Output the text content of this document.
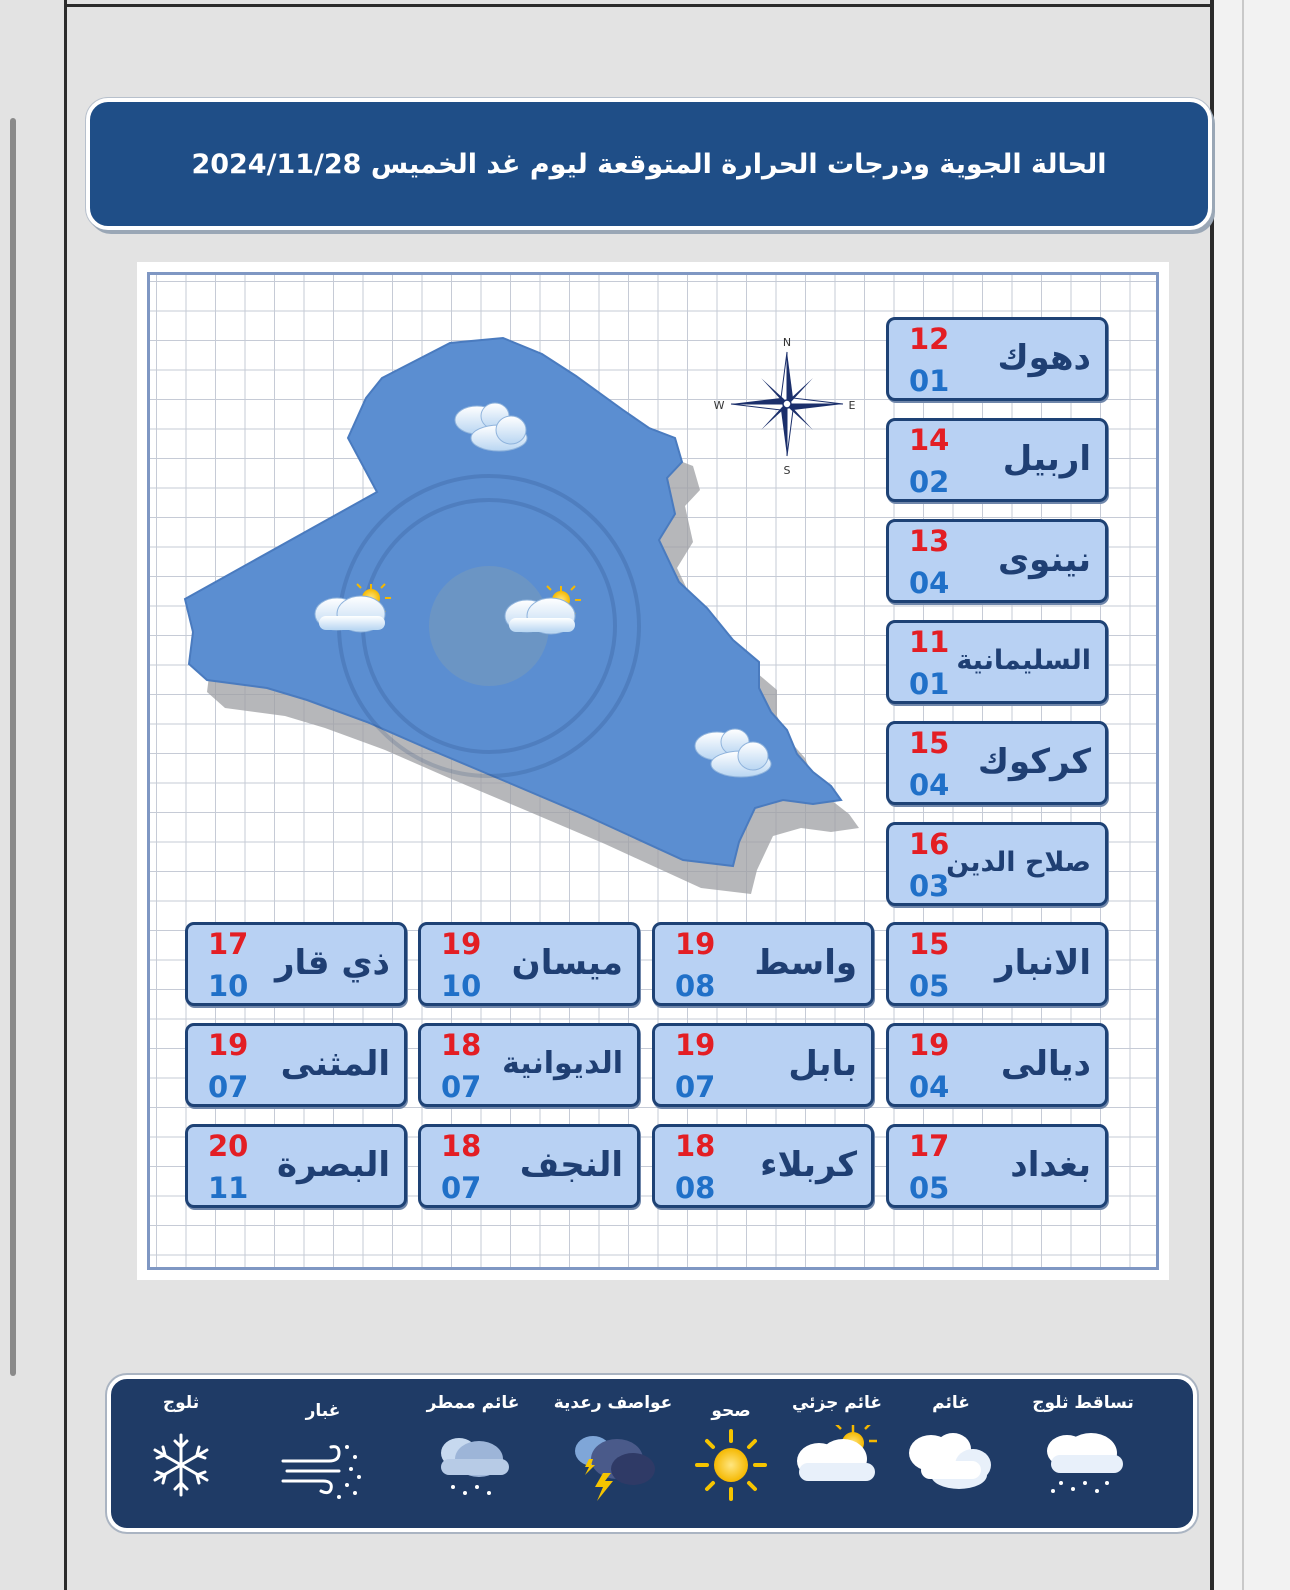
الحالة الجوية ودرجات الحرارة المتوقعة ليوم غد الخميس 2024/11/28
N
S
E
W
12
01
دهوك
14
02
اربيل
13
04
نينوى
11
01
السليمانية
15
04
كركوك
16
03
صلاح الدين
15
05
الانبار
19
08
واسط
19
10
ميسان
17
10
ذي قار
19
04
ديالى
19
07
بابل
18
07
الديوانية
19
07
المثنى
17
05
بغداد
18
08
كربلاء
18
07
النجف
20
11
البصرة
تساقط ثلوج
غائم
غائم جزئي
صحو
عواصف رعدية
غائم ممطر
غبار
ثلوج
